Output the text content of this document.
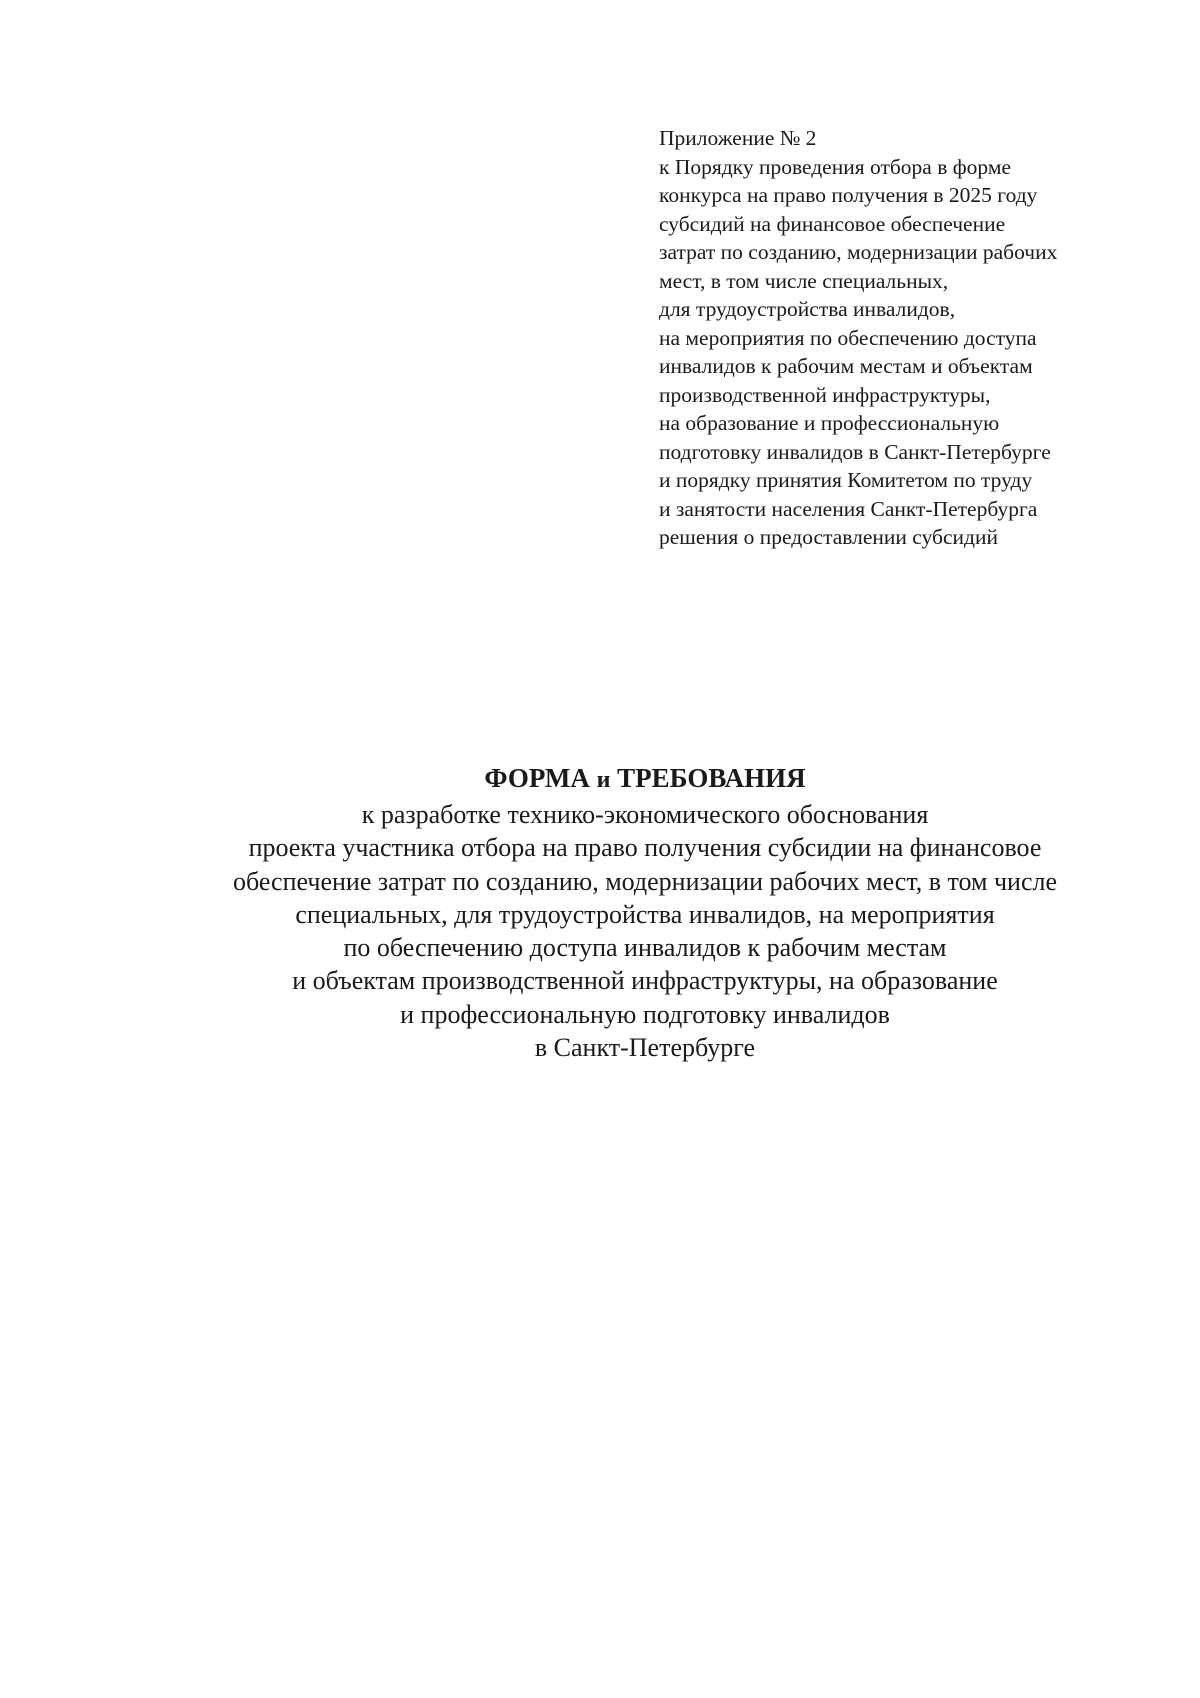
Приложение № 2
к Порядку проведения отбора в форме
конкурса на право получения в 2025 году
субсидий на финансовое обеспечение
затрат по созданию, модернизации рабочих
мест, в том числе специальных,
для трудоустройства инвалидов,
на мероприятия по обеспечению доступа
инвалидов к рабочим местам и объектам
производственной инфраструктуры,
на образование и профессиональную
подготовку инвалидов в Санкт-Петербурге
и порядку принятия Комитетом по труду
и занятости населения Санкт-Петербурга
решения о предоставлении субсидий
ФОРМА и ТРЕБОВАНИЯ
к разработке технико-экономического обоснования
проекта участника отбора на право получения субсидии на финансовое
обеспечение затрат по созданию, модернизации рабочих мест, в том числе
специальных, для трудоустройства инвалидов, на мероприятия
по обеспечению доступа инвалидов к рабочим местам
и объектам производственной инфраструктуры, на образование
и профессиональную подготовку инвалидов
в Санкт-Петербурге
